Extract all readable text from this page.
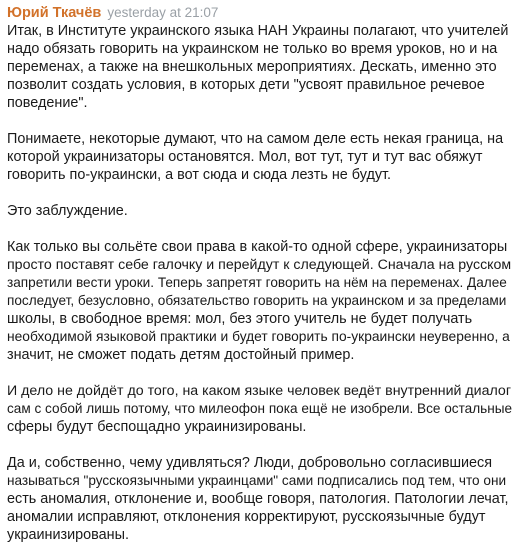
Юрий Ткачёв yesterday at 21:07

Итак, в Институте украинского языка НАН Украины полагают, что учителей
надо обязать говорить на украинском не только во время уроков, но и на
переменах, а также на внешкольных мероприятиях. Дескать, именно это
позволит создать условия, в которых дети "усвоят правильное речевое
поведение".

Понимаете, некоторые думают, что на самом деле есть некая граница, на
которой украинизаторы остановятся. Мол, вот тут, тут и тут вас обяжут
говорить по-украински, а вот сюда и сюда лезть не будут.

Это заблуждение.

Как только вы сольёте свои права в какой-то одной сфере, украинизаторы
просто поставят себе галочку и перейдут к следующей. Сначала на русском
запретили вести уроки. Теперь запретят говорить на нём на переменах. Далее
последует, безусловно, обязательство говорить на украинском и за пределами
школы, в свободное время: мол, без этого учитель не будет получать
необходимой языковой практики и будет говорить по-украински неуверенно, а
значит, не сможет подать детям достойный пример.

И дело не дойдёт до того, на каком языке человек ведёт внутренний диалог
сам с собой лишь потому, что милеофон пока ещё не изобрели. Все остальные
сферы будут беспощадно украинизированы.

Да и, собственно, чему удивляться? Люди, добровольно согласившиеся
называться "русскоязычными украинцами" сами подписались под тем, что они
есть аномалия, отклонение и, вообще говоря, патология. Патологии лечат,
аномалии исправляют, отклонения корректируют, русскоязычные будут
украинизированы.
